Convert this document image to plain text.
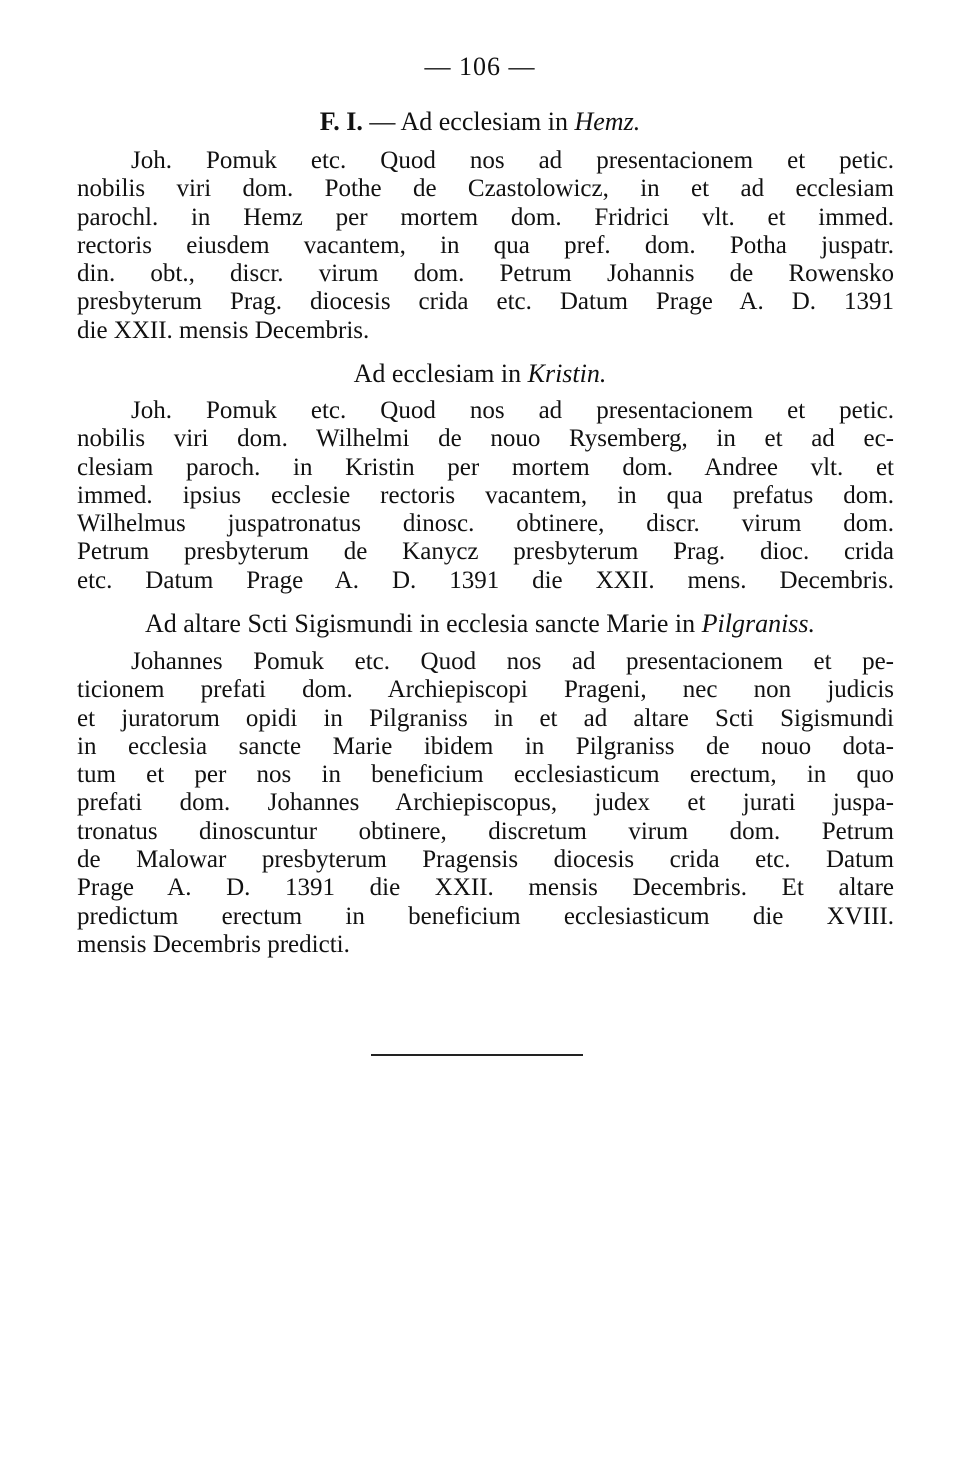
— 106 —
F. I. — Ad ecclesiam in Hemz.
Joh. Pomuk etc. Quod nos ad presentacionem et petic.
nobilis viri dom. Pothe de Czastolowicz, in et ad ecclesiam
parochl. in Hemz per mortem dom. Fridrici vlt. et immed.
rectoris eiusdem vacantem, in qua pref. dom. Potha juspatr.
din. obt., discr. virum dom. Petrum Johannis de Rowensko
presbyterum Prag. diocesis crida etc. Datum Prage A. D. 1391
die XXII. mensis Decembris.
Ad ecclesiam in Kristin.
Joh. Pomuk etc. Quod nos ad presentacionem et petic.
nobilis viri dom. Wilhelmi de nouo Rysemberg, in et ad ec-
clesiam paroch. in Kristin per mortem dom. Andree vlt. et
immed. ipsius ecclesie rectoris vacantem, in qua prefatus dom.
Wilhelmus juspatronatus dinosc. obtinere, discr. virum dom.
Petrum presbyterum de Kanycz presbyterum Prag. dioc. crida
etc. Datum Prage A. D. 1391 die XXII. mens. Decembris.
Ad altare Scti Sigismundi in ecclesia sancte Marie in Pilgraniss.
Johannes Pomuk etc. Quod nos ad presentacionem et pe-
ticionem prefati dom. Archiepiscopi Prageni, nec non judicis
et juratorum opidi in Pilgraniss in et ad altare Scti Sigismundi
in ecclesia sancte Marie ibidem in Pilgraniss de nouo dota-
tum et per nos in beneficium ecclesiasticum erectum, in quo
prefati dom. Johannes Archiepiscopus, judex et jurati juspa-
tronatus dinoscuntur obtinere, discretum virum dom. Petrum
de Malowar presbyterum Pragensis diocesis crida etc. Datum
Prage A. D. 1391 die XXII. mensis Decembris. Et altare
predictum erectum in beneficium ecclesiasticum die XVIII.
mensis Decembris predicti.
